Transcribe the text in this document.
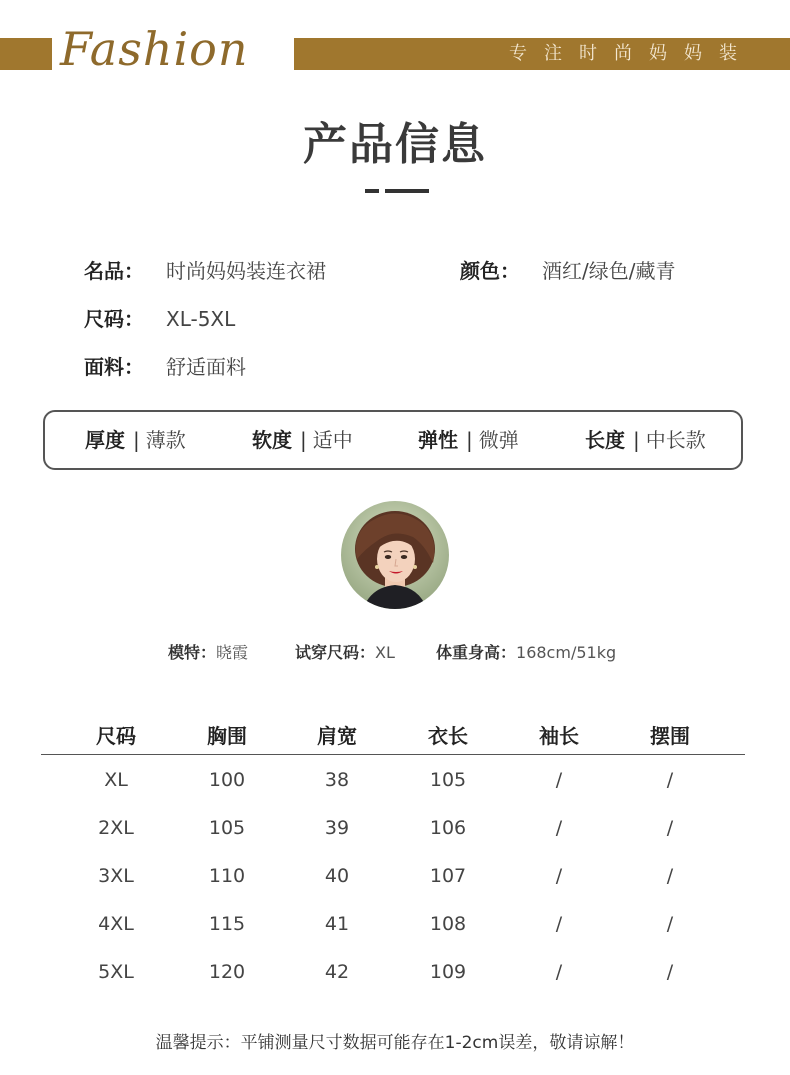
Fashion	专注时尚妈妈装
产品信息
名品： 时尚妈妈装连衣裙	颜色： 酒红/绿色/藏青
尺码： XL-5XL
面料： 舒适面料
厚度 | 薄款	软度 | 适中	弹性 | 微弹	长度 | 中长款
模特：晓霞	试穿尺码：XL	体重身高：168cm/51kg
尺码	胸围	肩宽	衣长	袖长	摆围
XL	100	38	105	/	/
2XL	105	39	106	/	/
3XL	110	40	107	/	/
4XL	115	41	108	/	/
5XL	120	42	109	/	/
温馨提示：平铺测量尺寸数据可能存在1-2cm误差，敬请谅解！
